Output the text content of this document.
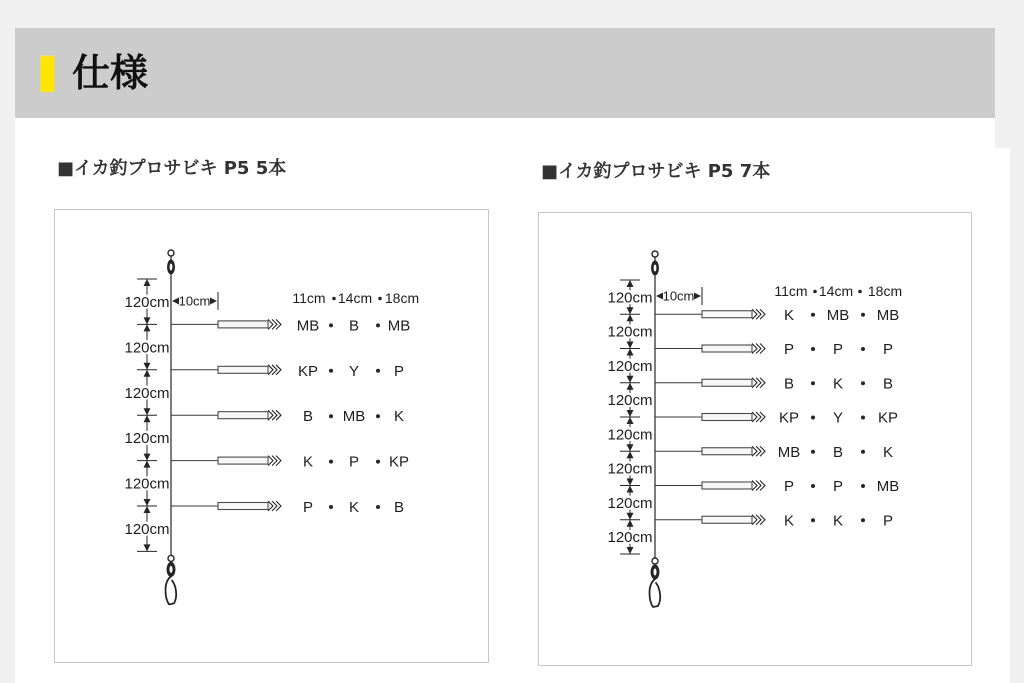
仕様
■イカ釣プロサビキ P5 5本
MB B MB
KP Y P
B MB K
K P KP
P K B
10cm	11cm 14cm 18cm
120cm
120cm
120cm
120cm
120cm
120cm
■イカ釣プロサビキ P5 7本
K MB MB
P	P	P
B	K	B
KP Y KP
MB B	K
P	P MB
K	K	P
10cm	11cm 14cm 18cm
120cm
120cm
120cm
120cm
120cm
120cm
120cm
120cm
